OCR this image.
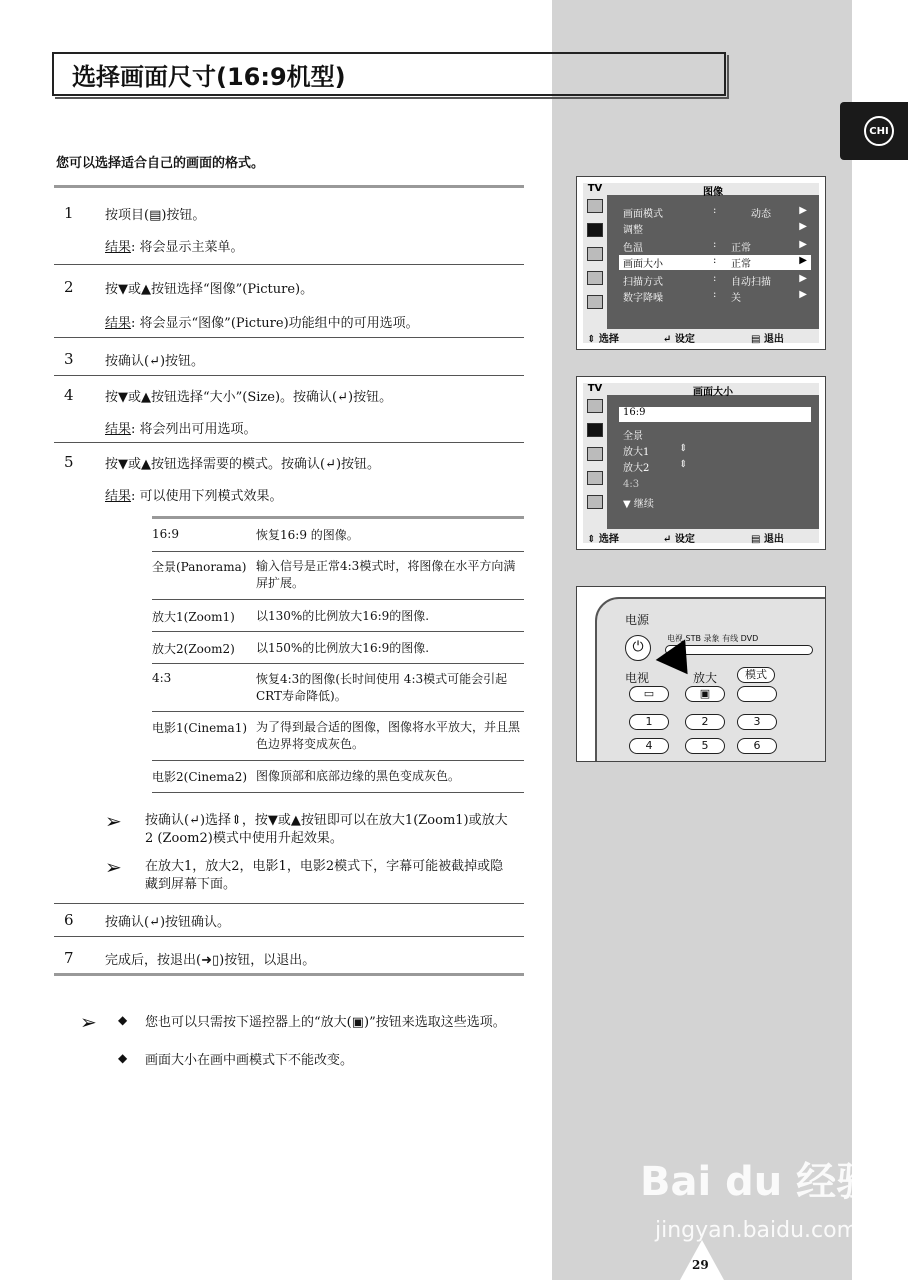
CHI
选择画面尺寸(16:9机型)
您可以选择适合自己的画面的格式。
1 按项目(▤)按钮。
结果: 将会显示主菜单。
2 按▼或▲按钮选择“图像”(Picture)。
结果: 将会显示“图像”(Picture)功能组中的可用选项。
3 按确认(↵)按钮。
4 按▼或▲按钮选择“大小”(Size)。按确认(↵)按钮。
结果: 将会列出可用选项。
5 按▼或▲按钮选择需要的模式。按确认(↵)按钮。
结果: 可以使用下列模式效果。
16:9	恢复16:9 的图像。
全景(Panorama) 输入信号是正常4:3模式时，将图像在水平方向满屏扩展。
放大1(Zoom1) 以130%的比例放大16:9的图像.
放大2(Zoom2) 以150%的比例放大16:9的图像.
4:3	恢复4:3的图像(长时间使用 4:3模式可能会引起CRT寿命降低)。
电影1(Cinema1) 为了得到最合适的图像，图像将水平放大，并且黑色边界将变成灰色。
电影2(Cinema2) 图像顶部和底部边缘的黑色变成灰色。
➢ 按确认(↵)选择⇕，按▼或▲按钮即可以在放大1(Zoom1)或放大2 (Zoom2)模式中使用升起效果。
➢ 在放大1，放大2，电影1，电影2模式下，字幕可能被截掉或隐藏到屏幕下面。
6 按确认(↵)按钮确认。
7 完成后，按退出(➜▯)按钮，以退出。
➢ ◆ 您也可以只需按下遥控器上的“放大(▣)”按钮来选取这些选项。
◆ 画面大小在画中画模式下不能改变。
TV	图像
画面模式	:	动态	▶
调整	▶
色温	: 正常	▶
画面大小	: 正常	▶
扫描方式	: 自动扫描	▶
数字降噪	: 关	▶
⇕ 选择	↵ 设定	▤ 退出
TV	画面大小
16:9
全景
放大1	⇕
放大2	⇕
4:3
▼ 继续
⇕ 选择	↵ 设定	▤ 退出
电源
⏻
电视 STB 录象 有线 DVD
电视	放大	模式
▭	▣
1	2	3
4	5	6
Bai du 经验
jingyan.baidu.com
29
